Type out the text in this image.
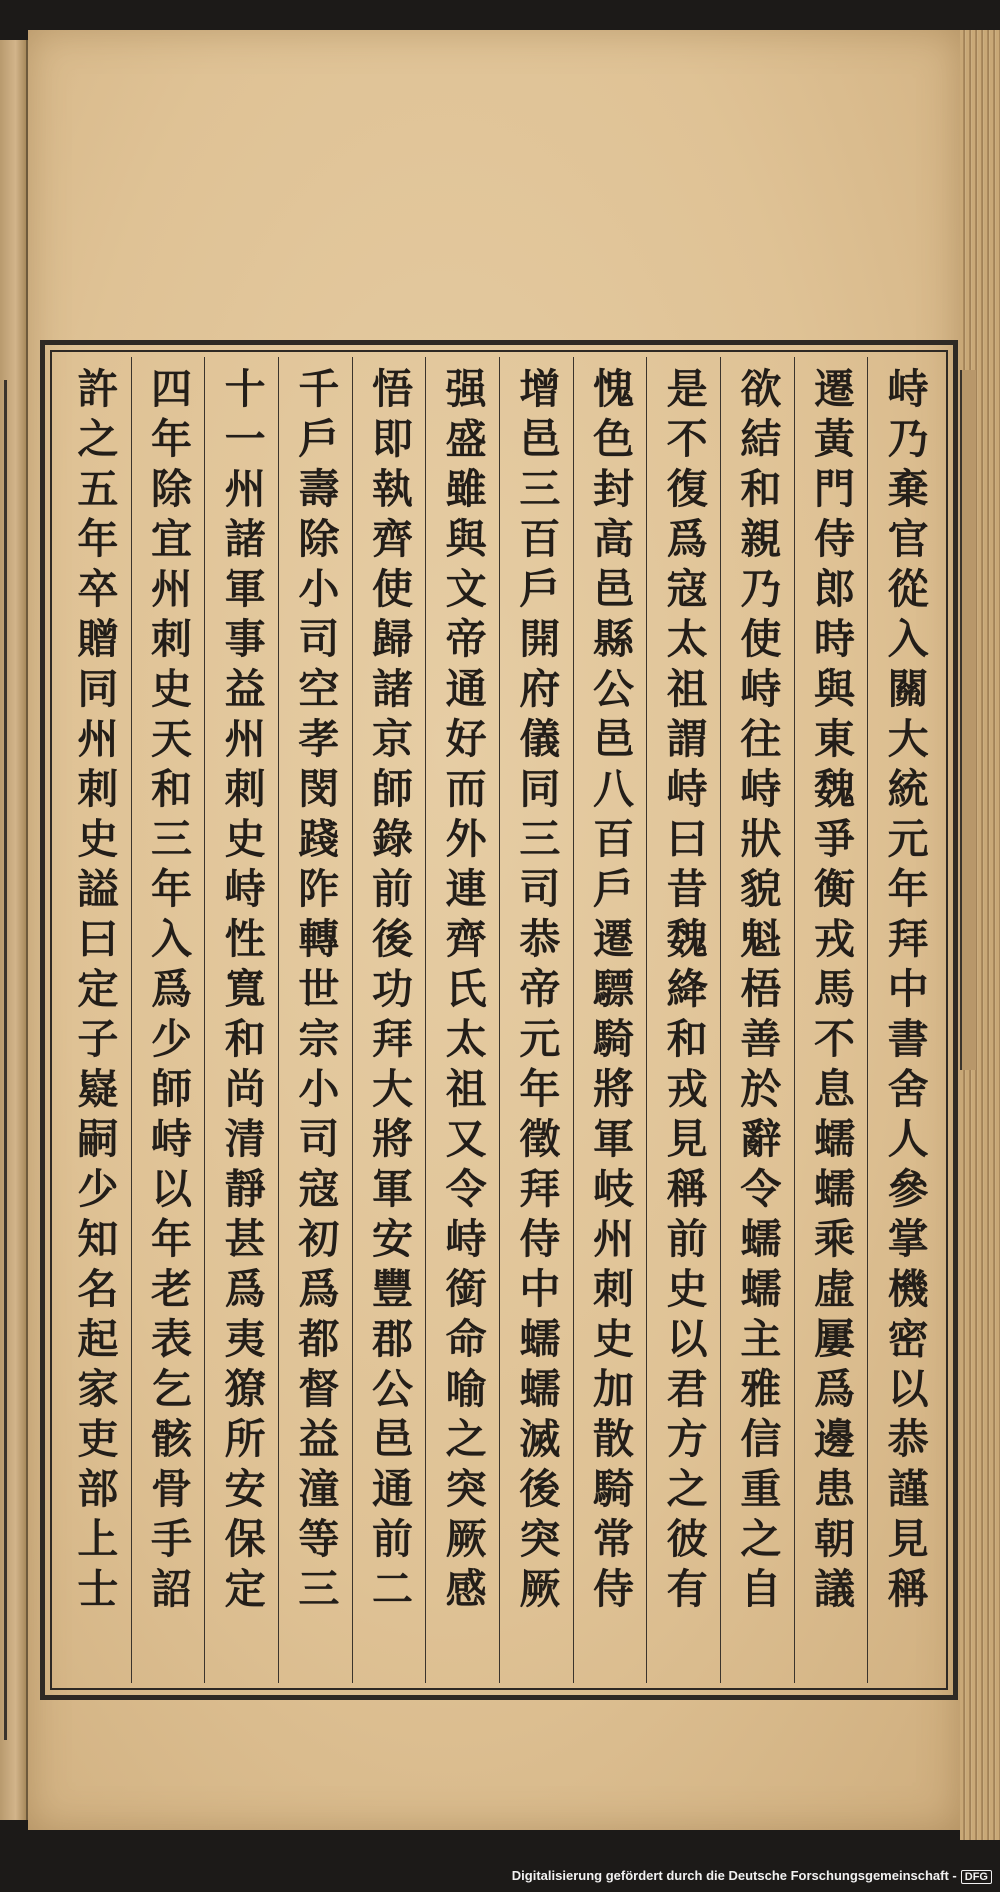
峙乃棄官從入關大統元年拜中書舍人參掌機密以恭謹見稱
遷黃門侍郎時與東魏爭衡戎馬不息蠕蠕乘虛屢爲邊患朝議
欲結和親乃使峙往峙狀貌魁梧善於辭令蠕蠕主雅信重之自
是不復爲寇太祖謂峙曰昔魏絳和戎見稱前史以君方之彼有
愧色封高邑縣公邑八百戶遷驃騎將軍岐州刺史加散騎常侍
增邑三百戶開府儀同三司恭帝元年徵拜侍中蠕蠕滅後突厥
强盛雖與文帝通好而外連齊氏太祖又令峙銜命喻之突厥感
悟即執齊使歸諸京師錄前後功拜大將軍安豐郡公邑通前二
千戶壽除小司空孝閔踐阼轉世宗小司寇初爲都督益潼等三
十一州諸軍事益州刺史峙性寬和尚清靜甚爲夷獠所安保定
四年除宜州刺史天和三年入爲少師峙以年老表乞骸骨手詔
許之五年卒贈同州刺史謚曰定子嶷嗣少知名起家吏部上士
Digitalisierung gefördert durch die Deutsche Forschungsgemeinschaft - DFG
